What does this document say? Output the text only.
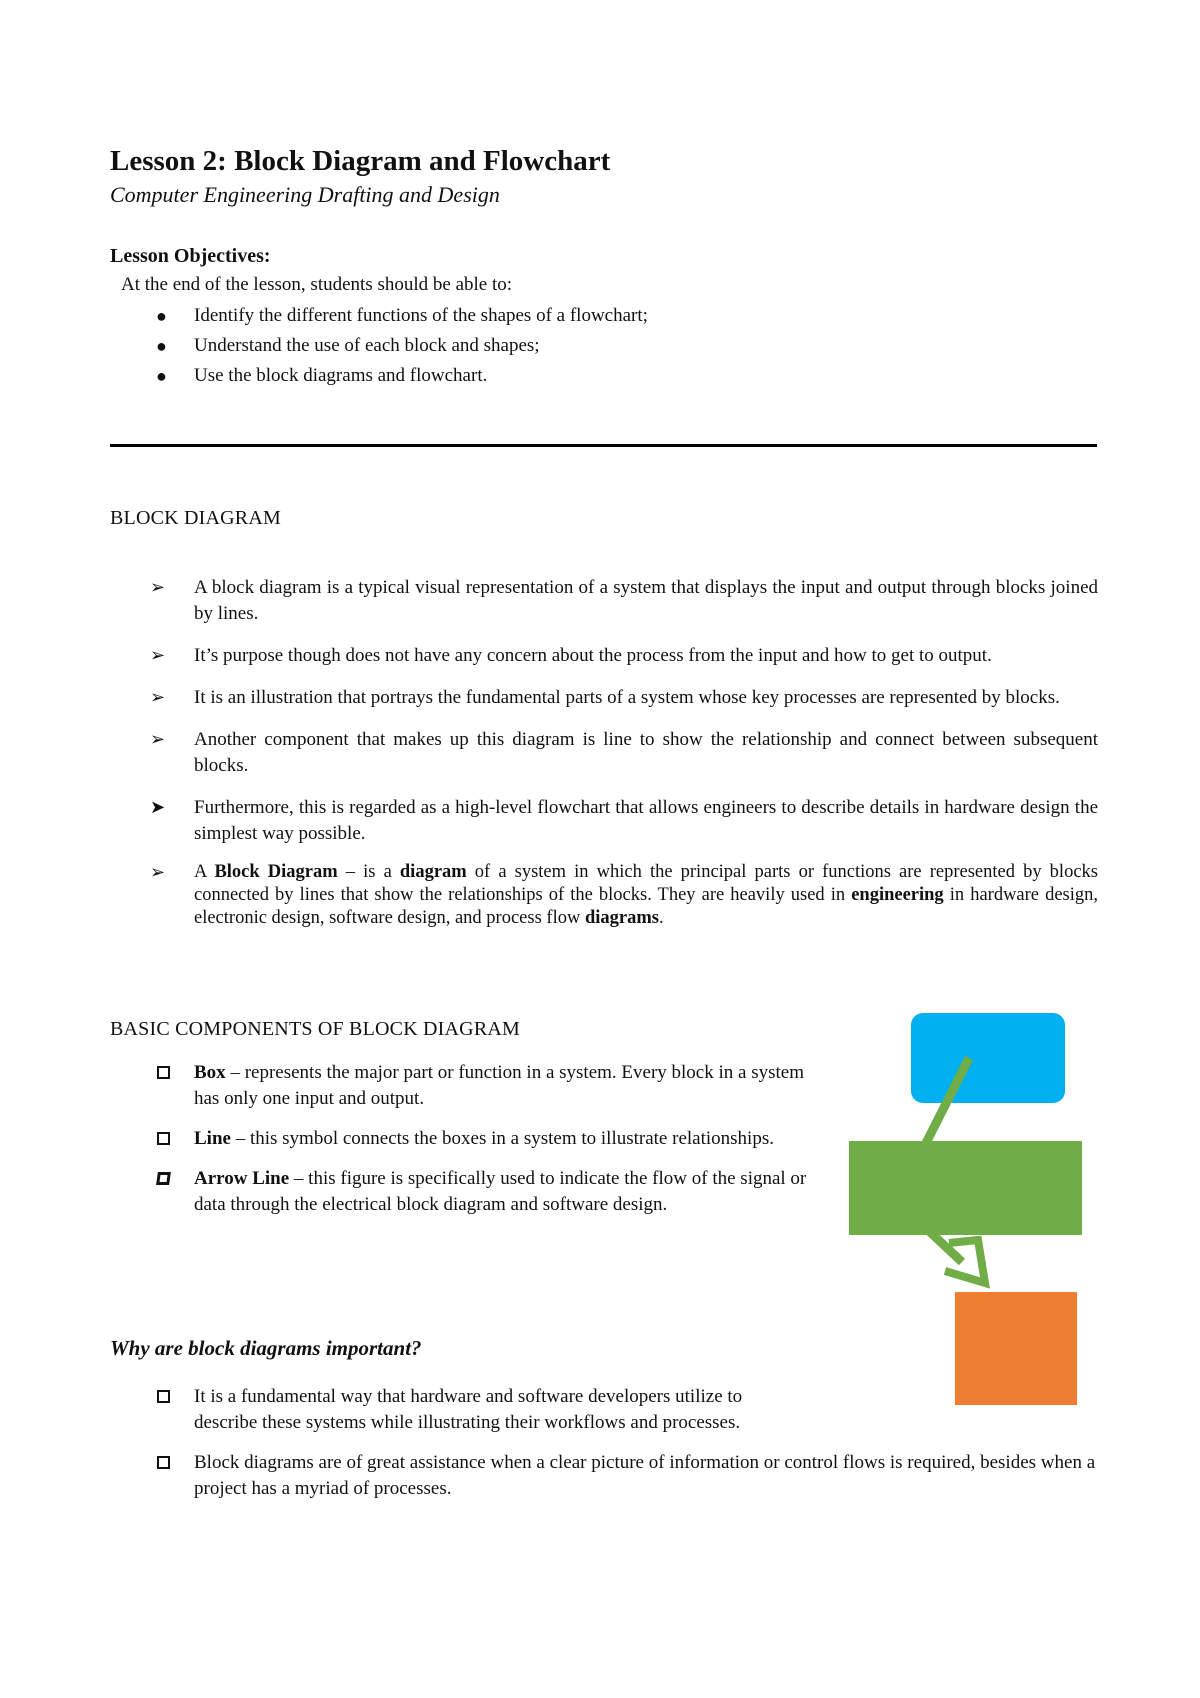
Lesson 2: Block Diagram and Flowchart

Computer Engineering Drafting and Design

Lesson Objectives:

At the end of the lesson, students should be able to:

● Identify the different functions of the shapes of a flowchart;
● Understand the use of each block and shapes;
● Use the block diagrams and flowchart.

BLOCK DIAGRAM

➢ A block diagram is a typical visual representation of a system that displays the input and output through blocks joined by lines.
➢ It’s purpose though does not have any concern about the process from the input and how to get to output.
➢ It is an illustration that portrays the fundamental parts of a system whose key processes are represented by blocks.
➢ Another component that makes up this diagram is line to show the relationship and connect between subsequent blocks.
➤ Furthermore, this is regarded as a high-level flowchart that allows engineers to describe details in hardware design the simplest way possible.
➢ A Block Diagram – is a diagram of a system in which the principal parts or functions are represented by blocks connected by lines that show the relationships of the blocks. They are heavily used in engineering in hardware design, electronic design, software design, and process flow diagrams.

BASIC COMPONENTS OF BLOCK DIAGRAM

Box – represents the major part or function in a system. Every block in a system has only one input and output.
Line – this symbol connects the boxes in a system to illustrate relationships.
Arrow Line – this figure is specifically used to indicate the flow of the signal or data through the electrical block diagram and software design.

Why are block diagrams important?

It is a fundamental way that hardware and software developers utilize to describe these systems while illustrating their workflows and processes.
Block diagrams are of great assistance when a clear picture of information or control flows is required, besides when a project has a myriad of processes.
